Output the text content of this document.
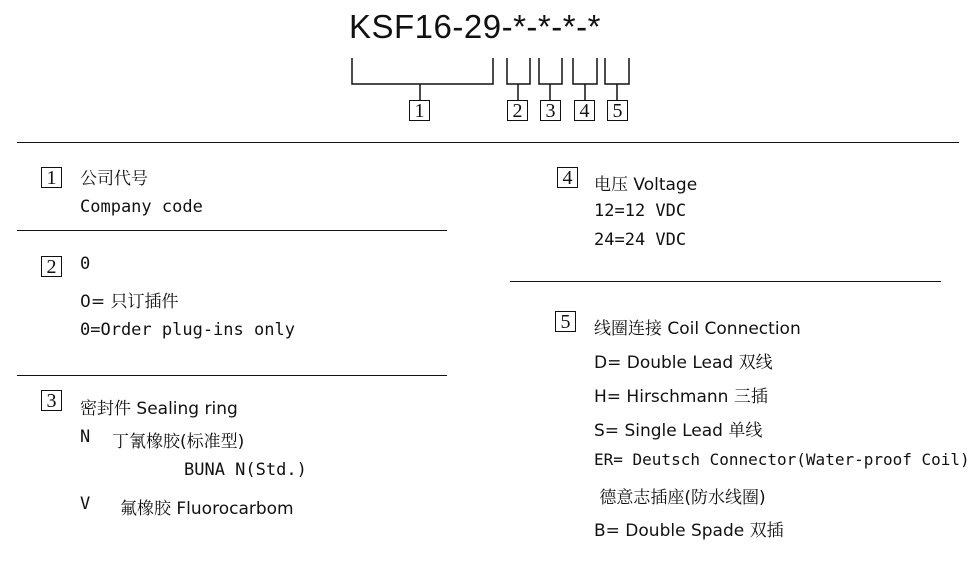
KSF16-29-*-*-*-*
1	2 3 4 5
1	公司代号
Company code
2	0
0= 只订插件
0=Order plug-ins only
3	密封件 Sealing ring
N 丁氰橡胶(标准型)
BUNA N(Std.)
V 氟橡胶 Fluorocarbom
4	电压 Voltage
12=12 VDC
24=24 VDC
5	线圈连接 Coil Connection
D= Double Lead 双线
H= Hirschmann 三插
S= Single Lead 单线
ER= Deutsch Connector(Water-proof Coil)
德意志插座(防水线圈)
B= Double Spade 双插
